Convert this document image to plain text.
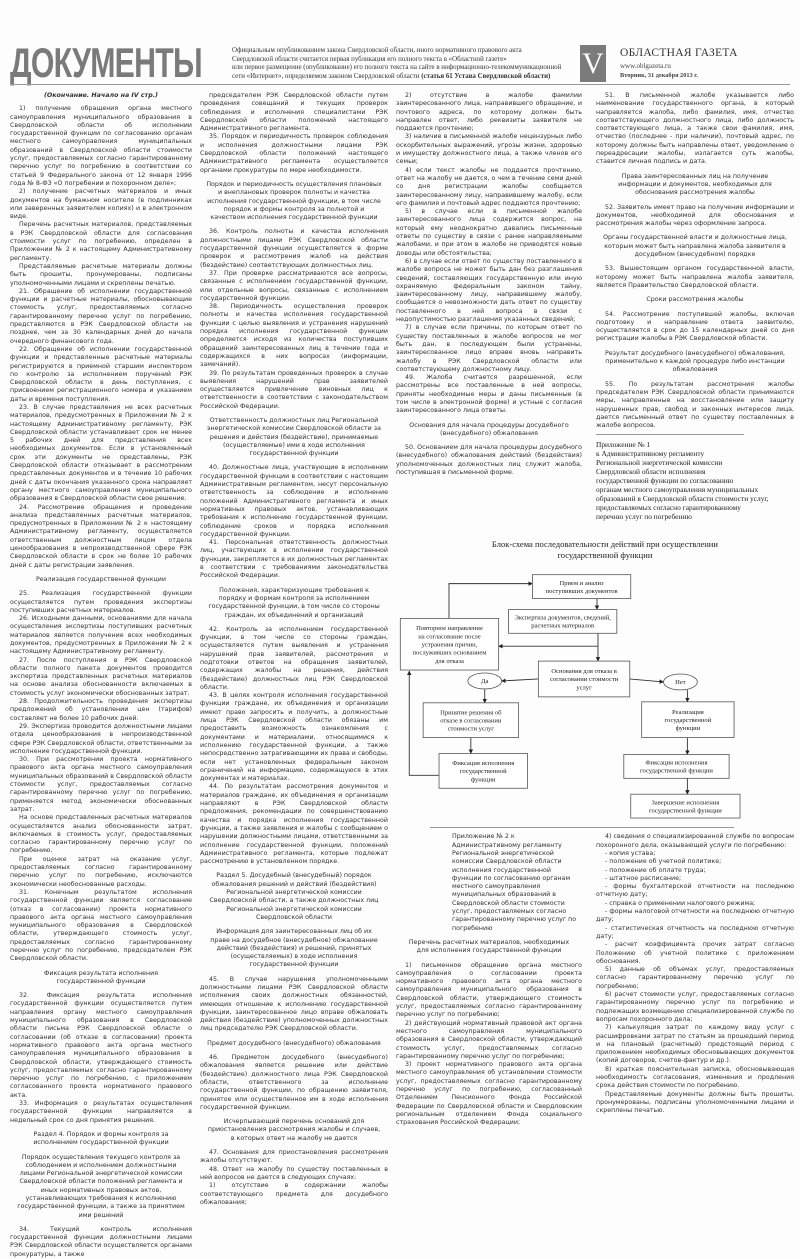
ДОКУМЕНТЫ	Официальным опубликованием закона Свердловской области, иного нормативного правового акта
Свердловской области считается первая публикация его полного текста в «Областной газете»
или первое размещение (опубликование) его полного текста на сайте в информационно-телекоммуникационной
сети «Интернет», определяемом законом Свердловской области (статья 61 Устава Свердловской области)	V ОБЛАСТНАЯ ГАЗЕТА
www.oblgazeta.ru
Вторник, 31 декабря 2013 г.
(Окончание. Начало на IV стр.)
1) получение обращения органа местного самоуправления муниципального образования в Свердловской области об исполнении государственной функции по согласованию органам местного самоуправления муниципальных образований в Свердловской области стоимости услуг, предоставляемых согласно гарантированному перечню услуг по погребению в соответствии со статьей 9 Федерального закона от 12 января 1996 года № 8-ФЗ «О погребении и похоронном деле»;
2) получение расчетных материалов и иных документов на бумажном носителе (в подлинниках или заверенных заявителем копиях) и в электронном виде.
Перечень расчетных материалов, представляемых в РЭК Свердловской области для согласования стоимости услуг по погребению, определен в Приложении № 2 к настоящему Административному регламенту.
Представляемые расчетные материалы должны быть прошиты, пронумерованы, подписаны уполномоченными лицами и скреплены печатью.
21. Обращение об исполнении государственной функции и расчетные материалы, обосновывающие стоимость услуг, предоставляемых согласно гарантированному перечню услуг по погребению, представляются в РЭК Свердловской области не позднее, чем за 30 календарных дней до начала очередного финансового года.
22. Обращение об исполнении государственной функции и представленные расчетные материалы регистрируются в приемной старшим инспектором по контролю за исполнением поручений РЭК Свердловской области в день поступления, с присвоением регистрационного номера и указанием даты и времени поступления.
23. В случае представления не всех расчетных материалов, предусмотренных в Приложении № 2 к настоящему Административному регламенту, РЭК Свердловской области устанавливает срок не менее 5 рабочих дней для представления всех необходимых документов. Если в установленный срок эти документы не представлены, РЭК Свердловской области отказывает в рассмотрении представленных документов и в течение 10 рабочих дней с даты окончания указанного срока направляет органу местного самоуправления муниципального образования в Свердловской области свое решение.
24. Рассмотрение обращения и проведение анализа представленных расчетных материалов, предусмотренных в Приложении № 2 к настоящему Административному регламенту, осуществляется ответственным должностным лицом отдела ценообразования в непроизводственной сфере РЭК Свердловской области в срок не более 10 рабочих дней с даты регистрации заявления.
Реализация государственной функции
25. Реализация государственной функции осуществляется путем проведения экспертизы поступивших расчетных материалов.
26. Исходными данными, основаниями для начала осуществления экспертизы поступивших расчетных материалов является получение всех необходимых документов, предусмотренных в Приложении № 2 к настоящему Административному регламенту.
27. После поступления в РЭК Свердловской области полного пакета документов проводится экспертиза представленных расчетных материалов на основе анализа обоснованности включаемых в стоимость услуг экономически обоснованных затрат.
28. Продолжительность проведения экспертизы предложений об установлении цен (тарифов) составляет не более 10 рабочих дней.
29. Экспертиза проводится должностными лицами отдела ценообразования в непроизводственной сфере РЭК Свердловской области, ответственными за исполнение государственной функции.
30. При рассмотрении проекта нормативного правового акта органа местного самоуправления муниципальных образований в Свердловской области стоимости услуг, предоставляемых согласно гарантированному перечню услуг по погребению, применяется метод экономически обоснованных затрат.
На основе представленных расчетных материалов осуществляется анализ обоснованности затрат, включаемых в стоимость услуг, предоставляемых согласно гарантированному перечню услуг по погребению.
При оценке затрат на оказание услуг, предоставляемых согласно гарантированному перечню услуг по погребению, исключаются экономически необоснованные расходы.
31. Конечным результатом исполнения государственной функции является согласование (отказ в согласовании) проекта нормативного правового акта органа местного самоуправления муниципального образования в Свердловской области, утверждающего стоимость услуг, предоставляемых согласно гарантированному перечню услуг по погребению, председателем РЭК Свердловской области.
Фиксация результата исполнения государственной функции
32. Фиксация результата исполнения государственной функции осуществляется путем направления органу местного самоуправления муниципального образования в Свердловской области письма РЭК Свердловской области о согласовании (об отказе в согласовании) проекта нормативного правового акта органа местного самоуправления муниципального образования в Свердловской области, утверждающего стоимость услуг, предоставляемых согласно гарантированному перечню услуг по погребению, с приложением согласованного проекта нормативного правового акта.
33. Информация о результатах осуществления государственной функции направляется в недельный срок со дня принятия решения.
Раздел 4. Порядок и формы контроля за исполнением государственной функции
Порядок осуществления текущего контроля за соблюдением и исполнением должностными лицами Региональной энергетической комиссии Свердловской области положений регламента и иных нормативных правовых актов, устанавливающих требования к исполнению государственной функции, а также за принятием ими решений
34. Текущий контроль исполнения государственной функции должностными лицами РЭК Свердловской области осуществляется органами прокуратуры, а также
председателем РЭК Свердловской области путем проведения совещаний и текущих проверок соблюдения и исполнения специалистами РЭК Свердловской области положений настоящего Административного регламента.
35. Порядок и периодичность проверок соблюдения и исполнения должностными лицами РЭК Свердловской области положений настоящего Административного регламента осуществляется органами прокуратуры по мере необходимости.
Порядок и периодичность осуществления плановых и внеплановых проверок полноты и качества исполнения государственной функции, в том числе порядок и формы контроля за полнотой и качеством исполнения государственной функции
36. Контроль полноты и качества исполнения должностными лицами РЭК Свердловской области государственной функции осуществляется в форме проверок и рассмотрения жалоб на действия (бездействие) соответствующих должностных лиц.
37. При проверке рассматриваются все вопросы, связанные с исполнением государственной функции, или отдельные вопросы, связанные с исполнением государственной функции.
38. Периодичность осуществления проверок полноты и качества исполнения государственной функции с целью выявления и устранения нарушений порядка исполнения государственной функции определяется исходя из количества поступивших обращений заинтересованных лиц в течение года и содержащихся в них вопросах (информации, замечаний).
39. По результатам проведенных проверок в случае выявления нарушений прав заявителей осуществляется привлечение виновных лиц к ответственности в соответствии с законодательством Российской Федерации.
Ответственность должностных лиц Региональной энергетической комиссии Свердловской области за решения и действия (бездействие), принимаемые (осуществляемые) ими в ходе исполнения государственной функции
40. Должностные лица, участвующие в исполнении государственной функции в соответствии с настоящим Административным регламентом, несут персональную ответственность за соблюдение и исполнение положений Административного регламента и иных нормативных правовых актов, устанавливающих требования к исполнению государственной функции, соблюдение сроков и порядка исполнения государственной функции.
41. Персональная ответственность должностных лиц, участвующих в исполнении государственной функции, закрепляется в их должностных регламентах в соответствии с требованиями законодательства Российской Федерации.
Положения, характеризующие требования к порядку и формам контроля за исполнением государственной функции, в том числе со стороны граждан, их объединений и организаций
42. Контроль за исполнением государственной функции, в том числе со стороны граждан, осуществляется путем выявления и устранения нарушений прав заявителей, рассмотрения и подготовки ответов на обращения заявителей, содержащих жалобы на решения, действия (бездействие) должностных лиц РЭК Свердловской области.
43. В целях контроля исполнения государственной функции граждане, их объединения и организации имеют право запросить и получить, а должностные лица РЭК Свердловской области обязаны им предоставить возможность ознакомления с документами и материалами, относящимися к исполнению государственной функции, а также непосредственно затрагивающими их права и свободы, если нет установленных федеральным законом ограничений на информацию, содержащуюся в этих документах и материалах.
44. По результатам рассмотрения документов и материалов граждане, их объединения и организации направляют в РЭК Свердловской области предложения, рекомендации по совершенствованию качества и порядка исполнения государственной функции, а также заявления и жалобы с сообщением о нарушении должностными лицами, ответственными за исполнение государственной функции, положений Административного регламента, которые подлежат рассмотрению в установленном порядке.
Раздел 5. Досудебный (внесудебный) порядок обжалования решений и действий (бездействия) Региональной энергетической комиссии Свердловской области, а также должностных лиц Региональной энергетической комиссии Свердловской области
Информация для заинтересованных лиц об их праве на досудебное (внесудебное) обжалование действий (бездействия) и решений, принятых (осуществляемых) в ходе исполнения государственной функции
45. В случае нарушения уполномоченными должностными лицами РЭК Свердловской области исполнения своих должностных обязанностей, имеющих отношение к исполнению государственной функции, заинтересованное лицо вправе обжаловать действия (бездействие) уполномоченных должностных лиц председателю РЭК Свердловской области.
Предмет досудебного (внесудебного) обжалования
46. Предметом досудебного (внесудебного) обжалования является решение или действие (бездействие) должностного лица РЭК Свердловской области, ответственного за исполнение государственной функции, по обращению заявителя, принятое или осуществленное им в ходе исполнения государственной функции.
Исчерпывающий перечень оснований для приостановления рассмотрения жалобы и случаев, в которых ответ на жалобу не дается
47. Основания для приостановления рассмотрения жалобы отсутствуют.
48. Ответ на жалобу по существу поставленных в ней вопросов не дается в следующих случаях:
1) отсутствие в содержании жалобы соответствующего предмета для досудебного обжалования;
2) отсутствие в жалобе фамилии заинтересованного лица, направившего обращение, и почтового адреса, по которому должен быть направлен ответ, либо реквизиты заявителя не поддаются прочтению;
3) наличие в письменной жалобе нецензурных либо оскорбительных выражений, угрозы жизни, здоровью и имуществу должностного лица, а также членов его семьи;
4) если текст жалобы не поддается прочтению, ответ на жалобу не дается, о чем в течение семи дней со дня регистрации жалобы сообщается заинтересованному лицу, направившему жалобу, если его фамилия и почтовый адрес поддаются прочтению;
5) в случае если в письменной жалобе заинтересованного лица содержится вопрос, на который ему неоднократно давались письменные ответы по существу в связи с ранее направляемыми жалобами, и при этом в жалобе не приводятся новые доводы или обстоятельства;
6) в случае если ответ по существу поставленного в жалобе вопроса не может быть дан без разглашения сведений, составляющих государственную или иную охраняемую федеральным законом тайну, заинтересованному лицу, направившему жалобу, сообщается о невозможности дать ответ по существу поставленного в ней вопроса в связи с недопустимостью разглашения указанных сведений;
7) в случае если причины, по которым ответ по существу поставленных в жалобе вопросов не мог быть дан, в последующем были устранены, заинтересованное лицо вправе вновь направить жалобу в РЭК Свердловской области или соответствующему должностному лицу.
49. Жалоба считается разрешенной, если рассмотрены все поставленные в ней вопросы, приняты необходимые меры и даны письменные (в том числе в электронной форме) и устные с согласия заинтересованного лица ответы.
Основания для начала процедуры досудебного (внесудебного) обжалования
50. Основанием для начала процедуры досудебного (внесудебного) обжалования действий (бездействия) уполномоченных должностных лиц служит жалоба, поступившая в письменной форме.
51. В письменной жалобе указывается либо наименование государственного органа, в который направляется жалоба, либо фамилия, имя, отчество соответствующего должностного лица, либо должность соответствующего лица, а также свои фамилия, имя, отчество (последнее - при наличии), почтовый адрес, по которому должны быть направлены ответ, уведомление о переадресации жалобы, излагается суть жалобы, ставится личная подпись и дата.
Права заинтересованных лиц на получение информации и документов, необходимых для обоснования рассмотрения жалобы
52. Заявитель имеет право на получение информации и документов, необходимой для обоснования и рассмотрения жалобы через оформление запроса.
Органы государственной власти и должностные лица, которым может быть направлена жалоба заявителя в досудебном (внесудебном) порядке
53. Вышестоящим органом государственной власти, которому может быть направлена жалоба заявителя, является Правительство Свердловской области.
Сроки рассмотрения жалобы
54. Рассмотрение поступившей жалобы, включая подготовку и направление ответа заявителю, осуществляется в срок до 15 календарных дней со дня регистрации жалобы в РЭК Свердловской области.
Результат досудебного (внесудебного) обжалования, применительно к каждой процедуре либо инстанции обжалования
55. По результатам рассмотрения жалобы председателем РЭК Свердловской области принимаются меры, направленные на восстановление или защиту нарушенных прав, свобод и законных интересов лица, дается письменный ответ по существу поставленных в жалобе вопросов.
Приложение № 1
к Административному регламенту
Региональной энергетической комиссии
Свердловской области исполнения
государственной функции по согласованию
органам местного самоуправления муниципальных
образований в Свердловской области стоимости услуг,
предоставляемых согласно гарантированному
перечню услуг по погребению
Блок-схема последовательности действий при осуществлении
государственной функции
Прием и анализ
поступивших документов
Экспертиза документов, сведений,
расчетных материалов
Повторное направление
на согласование после
устранения причин,
послуживших основанием
для отказа
Основания для отказа в
согласовании стоимости
услуг
Да	Нет
Принятие решения об
отказе в согласовании
стоимости услуг
Реализация
государственной
функции
Фиксация исполнения
государственной
функции
Фиксация исполнения
государственной функции
Завершение исполнения
государственной функции
Приложение № 2 к Административному регламенту Региональной энергетической комиссии Свердловской области исполнения государственной функции по согласованию органам местного самоуправления муниципальных образований в Свердловской области стоимости услуг, предоставляемых согласно гарантированному перечню услуг по погребению
Перечень расчетных материалов, необходимых для исполнения государственной функции
1) письменное обращение органа местного самоуправления о согласовании проекта нормативного правового акта органа местного самоуправления муниципального образования в Свердловской области, утверждающего стоимость услуг, предоставляемых согласно гарантированному перечню услуг по погребению;
2) действующий нормативный правовой акт органа местного самоуправления муниципального образования в Свердловской области, утверждающий стоимость услуг, предоставляемых согласно гарантированному перечню услуг по погребению;
3) проект нормативного правового акта органа местного самоуправления об установлении стоимости услуг, предоставляемых согласно гарантированному перечню услуг по погребению, согласованный Отделением Пенсионного Фонда Российской Федерации по Свердловской области и Свердловским региональным отделением Фонда социального страхования Российской Федерации;
4) сведения о специализированной службе по вопросам похоронного дела, оказывающей услуги по погребению:
- копия устава;
- положение об учетной политике;
- положение об оплате труда;
- штатное расписание;
- формы бухгалтерской отчетности на последнюю отчетную дату;
- справка о применении налогового режима;
- формы налоговой отчетности на последнюю отчетную дату;
- статистическая отчетность на последнюю отчетную дату;
- расчет коэффициента прочих затрат согласно Положению об учетной политике с приложением обоснования.
5) данные об объемах услуг, предоставляемых согласно гарантированному перечню услуг по погребению;
6) расчет стоимости услуг, предоставляемых согласно гарантированному перечню услуг по погребению и подлежащих возмещению специализированной службе по вопросам похоронного дела;
7) калькуляция затрат по каждому виду услуг с расшифровками затрат по статьям за прошедший период и на плановый (расчетный) предстоящий период с приложением необходимых обосновывающих документов (копий договоров, счетов-фактур и др.).
8) краткая пояснительная записка, обосновывающая необходимость согласования, изменения и продления срока действия стоимости по погребению.
Представляемые документы должны быть прошиты, пронумерованы, подписаны уполномоченными лицами и скреплены печатью.
